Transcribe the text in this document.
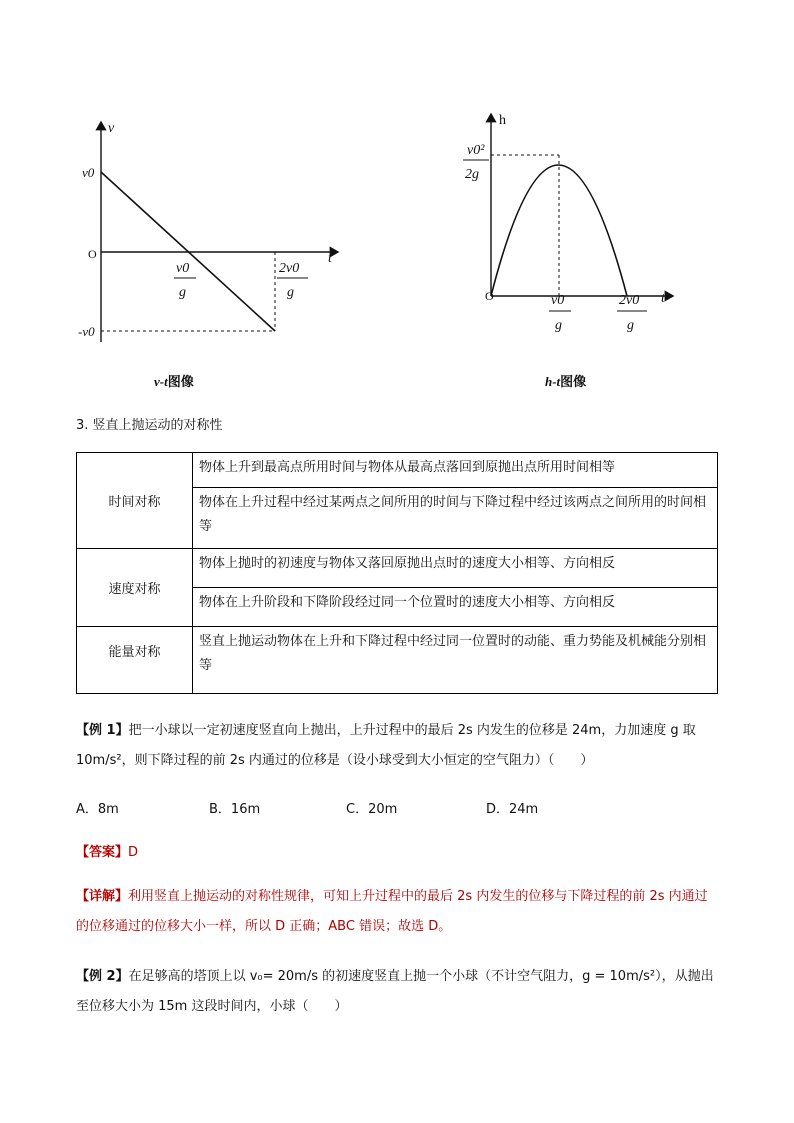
v
t
O
v0
-v0
v0
g
2v0
g
v-t图像
h
t
O
v0²
2g
v0
g
2v0
g
h-t图像
3. 竖直上抛运动的对称性
时间对称	物体上升到最高点所用时间与物体从最高点落回到原抛出点所用时间相等
	物体在上升过程中经过某两点之间所用的时间与下降过程中经过该两点之间所用的时间相等
速度对称	物体上抛时的初速度与物体又落回原抛出点时的速度大小相等、方向相反
	物体在上升阶段和下降阶段经过同一个位置时的速度大小相等、方向相反
能量对称	竖直上抛运动物体在上升和下降过程中经过同一位置时的动能、重力势能及机械能分别相等
【例 1】把一小球以一定初速度竖直向上抛出，上升过程中的最后 2s 内发生的位移是 24m，力加速度 g 取 10m/s²，则下降过程的前 2s 内通过的位移是（设小球受到大小恒定的空气阻力）（　　）
A．8m	B．16m	C．20m	D．24m
【答案】D
【详解】利用竖直上抛运动的对称性规律，可知上升过程中的最后 2s 内发生的位移与下降过程的前 2s 内通过的位移通过的位移大小一样，所以 D 正确；ABC 错误；故选 D。
【例 2】在足够高的塔顶上以 v₀= 20m/s 的初速度竖直上抛一个小球（不计空气阻力，g = 10m/s²），从抛出至位移大小为 15m 这段时间内，小球（　　）
